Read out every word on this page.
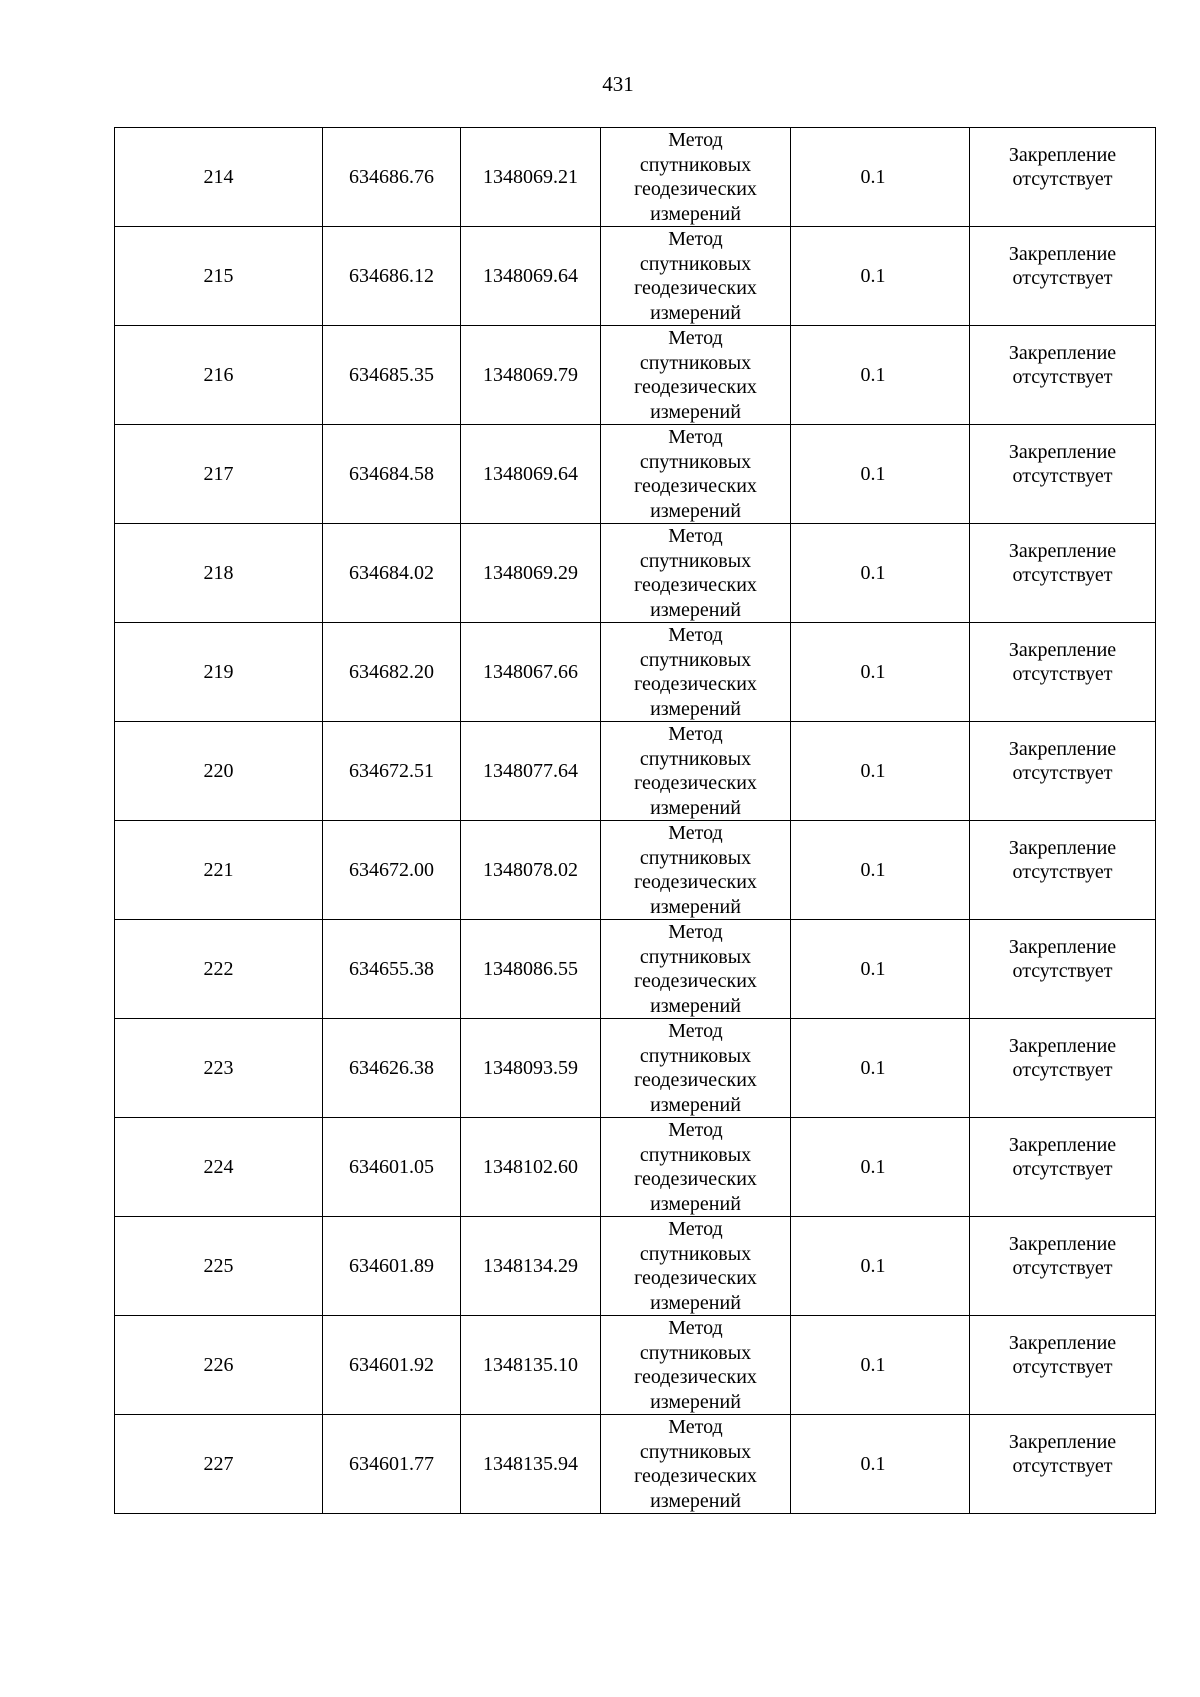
431
214	634686.76	1348069.21	Метод спутниковых геодезических измерений	0.1	Закрепление отсутствует
215	634686.12	1348069.64	Метод спутниковых геодезических измерений	0.1	Закрепление отсутствует
216	634685.35	1348069.79	Метод спутниковых геодезических измерений	0.1	Закрепление отсутствует
217	634684.58	1348069.64	Метод спутниковых геодезических измерений	0.1	Закрепление отсутствует
218	634684.02	1348069.29	Метод спутниковых геодезических измерений	0.1	Закрепление отсутствует
219	634682.20	1348067.66	Метод спутниковых геодезических измерений	0.1	Закрепление отсутствует
220	634672.51	1348077.64	Метод спутниковых геодезических измерений	0.1	Закрепление отсутствует
221	634672.00	1348078.02	Метод спутниковых геодезических измерений	0.1	Закрепление отсутствует
222	634655.38	1348086.55	Метод спутниковых геодезических измерений	0.1	Закрепление отсутствует
223	634626.38	1348093.59	Метод спутниковых геодезических измерений	0.1	Закрепление отсутствует
224	634601.05	1348102.60	Метод спутниковых геодезических измерений	0.1	Закрепление отсутствует
225	634601.89	1348134.29	Метод спутниковых геодезических измерений	0.1	Закрепление отсутствует
226	634601.92	1348135.10	Метод спутниковых геодезических измерений	0.1	Закрепление отсутствует
227	634601.77	1348135.94	Метод спутниковых геодезических измерений	0.1	Закрепление отсутствует
